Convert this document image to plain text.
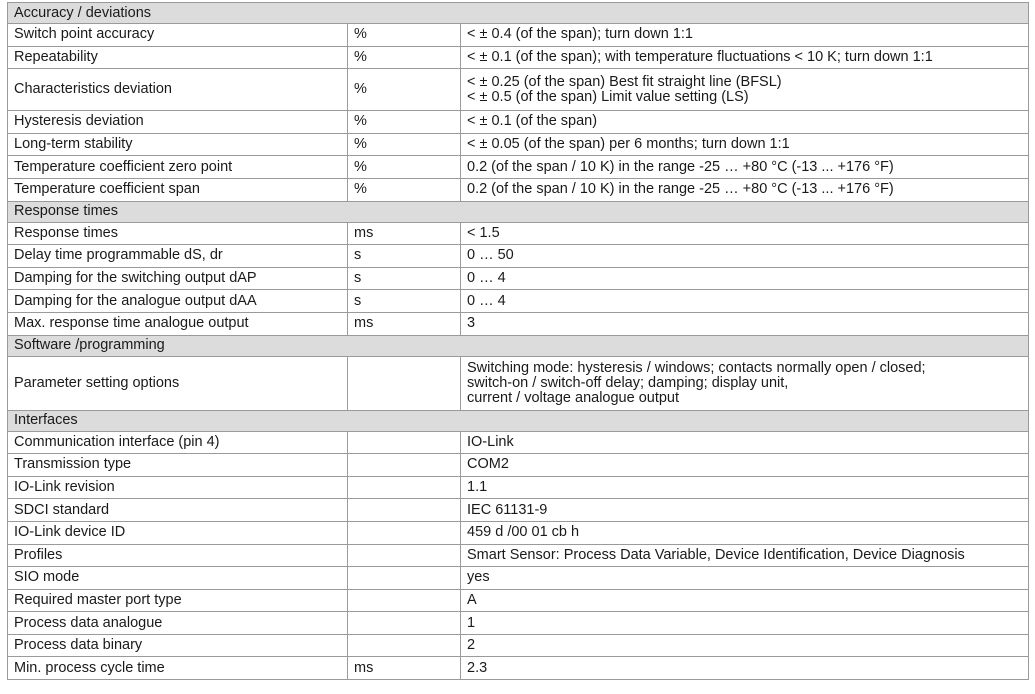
Accuracy / deviations		
Switch point accuracy	%	< ± 0.4 (of the span); turn down 1:1

Repeatability	%	< ± 0.1 (of the span); with temperature fluctuations < 10 K; turn down 1:1

Characteristics deviation	%	< ± 0.25 (of the span) Best fit straight line (BFSL)
< ± 0.5 (of the span) Limit value setting (LS)

Hysteresis deviation	%	< ± 0.1 (of the span)

Long-term stability	%	< ± 0.05 (of the span) per 6 months; turn down 1:1

Temperature coefficient zero point	%	0.2 (of the span / 10 K) in the range -25 … +80 °C (-13 ... +176 °F)

Temperature coefficient span	%	0.2 (of the span / 10 K) in the range -25 … +80 °C (-13 ... +176 °F)

Response times		
Response times	ms	< 1.5

Delay time programmable dS, dr	s	0 … 50

Damping for the switching output dAP	s	0 … 4

Damping for the analogue output dAA	s	0 … 4

Max. response time analogue output	ms	3

Software /programming		
Parameter setting options		Switching mode: hysteresis / windows; contacts normally open / closed;
switch-on / switch-off delay; damping; display unit,
current / voltage analogue output

Interfaces		
Communication interface (pin 4)		IO-Link

Transmission type		COM2

IO-Link revision		1.1

SDCI standard		IEC 61131-9

IO-Link device ID		459 d /00 01 cb h

Profiles		Smart Sensor: Process Data Variable, Device Identification, Device Diagnosis

SIO mode		yes

Required master port type		A

Process data analogue		1

Process data binary		2

Min. process cycle time	ms	2.3
